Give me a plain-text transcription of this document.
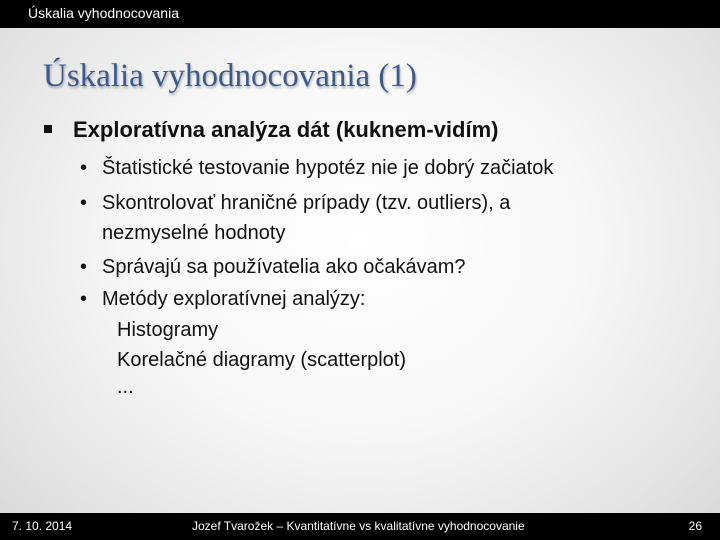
Úskalia vyhodnocovania
Úskalia vyhodnocovania (1)
Exploratívna analýza dát (kuknem-vidím)
• Štatistické testovanie hypotéz nie je dobrý začiatok
• Skontrolovať hraničné prípady (tzv. outliers), a
nezmyselné hodnoty
• Správajú sa používatelia ako očakávam?
• Metódy exploratívnej analýzy:
Histogramy
Korelačné diagramy (scatterplot)
...
7. 10. 2014	Jozef Tvarožek – Kvantitatívne vs kvalitatívne vyhodnocovanie	26
